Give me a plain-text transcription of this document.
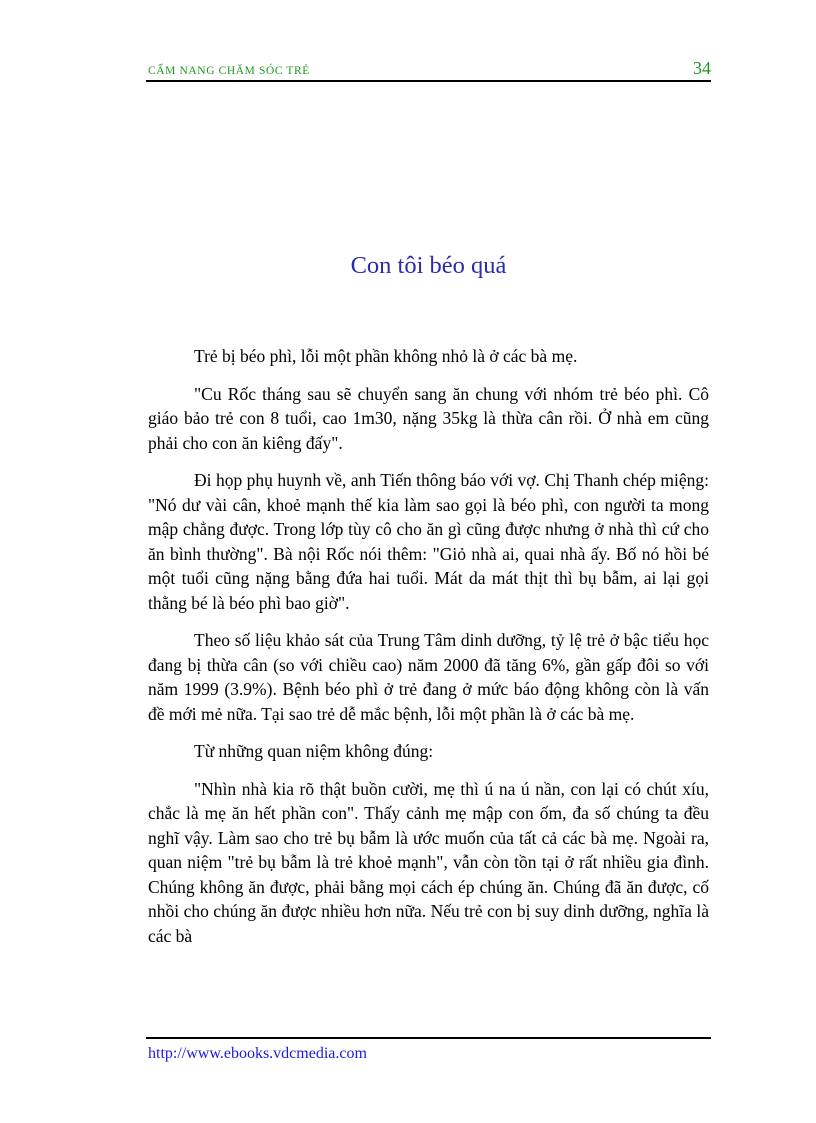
CẨM NANG CHĂM SÓC TRẺ	34
Con tôi béo quá

Trẻ bị béo phì, lỗi một phần không nhỏ là ở các bà mẹ.

"Cu Rốc tháng sau sẽ chuyển sang ăn chung với nhóm trẻ béo phì. Cô giáo bảo trẻ con 8 tuổi, cao 1m30, nặng 35kg là thừa cân rồi. Ở nhà em cũng phải cho con ăn kiêng đấy".

Đi họp phụ huynh về, anh Tiến thông báo với vợ. Chị Thanh chép miệng: "Nó dư vài cân, khoẻ mạnh thế kia làm sao gọi là béo phì, con người ta mong mập chẳng được. Trong lớp tùy cô cho ăn gì cũng được nhưng ở nhà thì cứ cho ăn bình thường". Bà nội Rốc nói thêm: "Giỏ nhà ai, quai nhà ấy. Bố nó hồi bé một tuổi cũng nặng bằng đứa hai tuổi. Mát da mát thịt thì bụ bẫm, ai lại gọi thằng bé là béo phì bao giờ".

Theo số liệu khảo sát của Trung Tâm dinh dưỡng, tỷ lệ trẻ ở bậc tiểu học đang bị thừa cân (so với chiều cao) năm 2000 đã tăng 6%, gần gấp đôi so với năm 1999 (3.9%). Bệnh béo phì ở trẻ đang ở mức báo động không còn là vấn đề mới mẻ nữa. Tại sao trẻ dễ mắc bệnh, lỗi một phần là ở các bà mẹ.

Từ những quan niệm không đúng:

"Nhìn nhà kia rõ thật buồn cười, mẹ thì ú na ú nần, con lại có chút xíu, chắc là mẹ ăn hết phần con". Thấy cảnh mẹ mập con ốm, đa số chúng ta đều nghĩ vậy. Làm sao cho trẻ bụ bẫm là ước muốn của tất cả các bà mẹ. Ngoài ra, quan niệm "trẻ bụ bẫm là trẻ khoẻ mạnh", vẫn còn tồn tại ở rất nhiều gia đình. Chúng không ăn được, phải bằng mọi cách ép chúng ăn. Chúng đã ăn được, cố nhồi cho chúng ăn được nhiều hơn nữa. Nếu trẻ con bị suy dinh dưỡng, nghĩa là các bà

http://www.ebooks.vdcmedia.com
